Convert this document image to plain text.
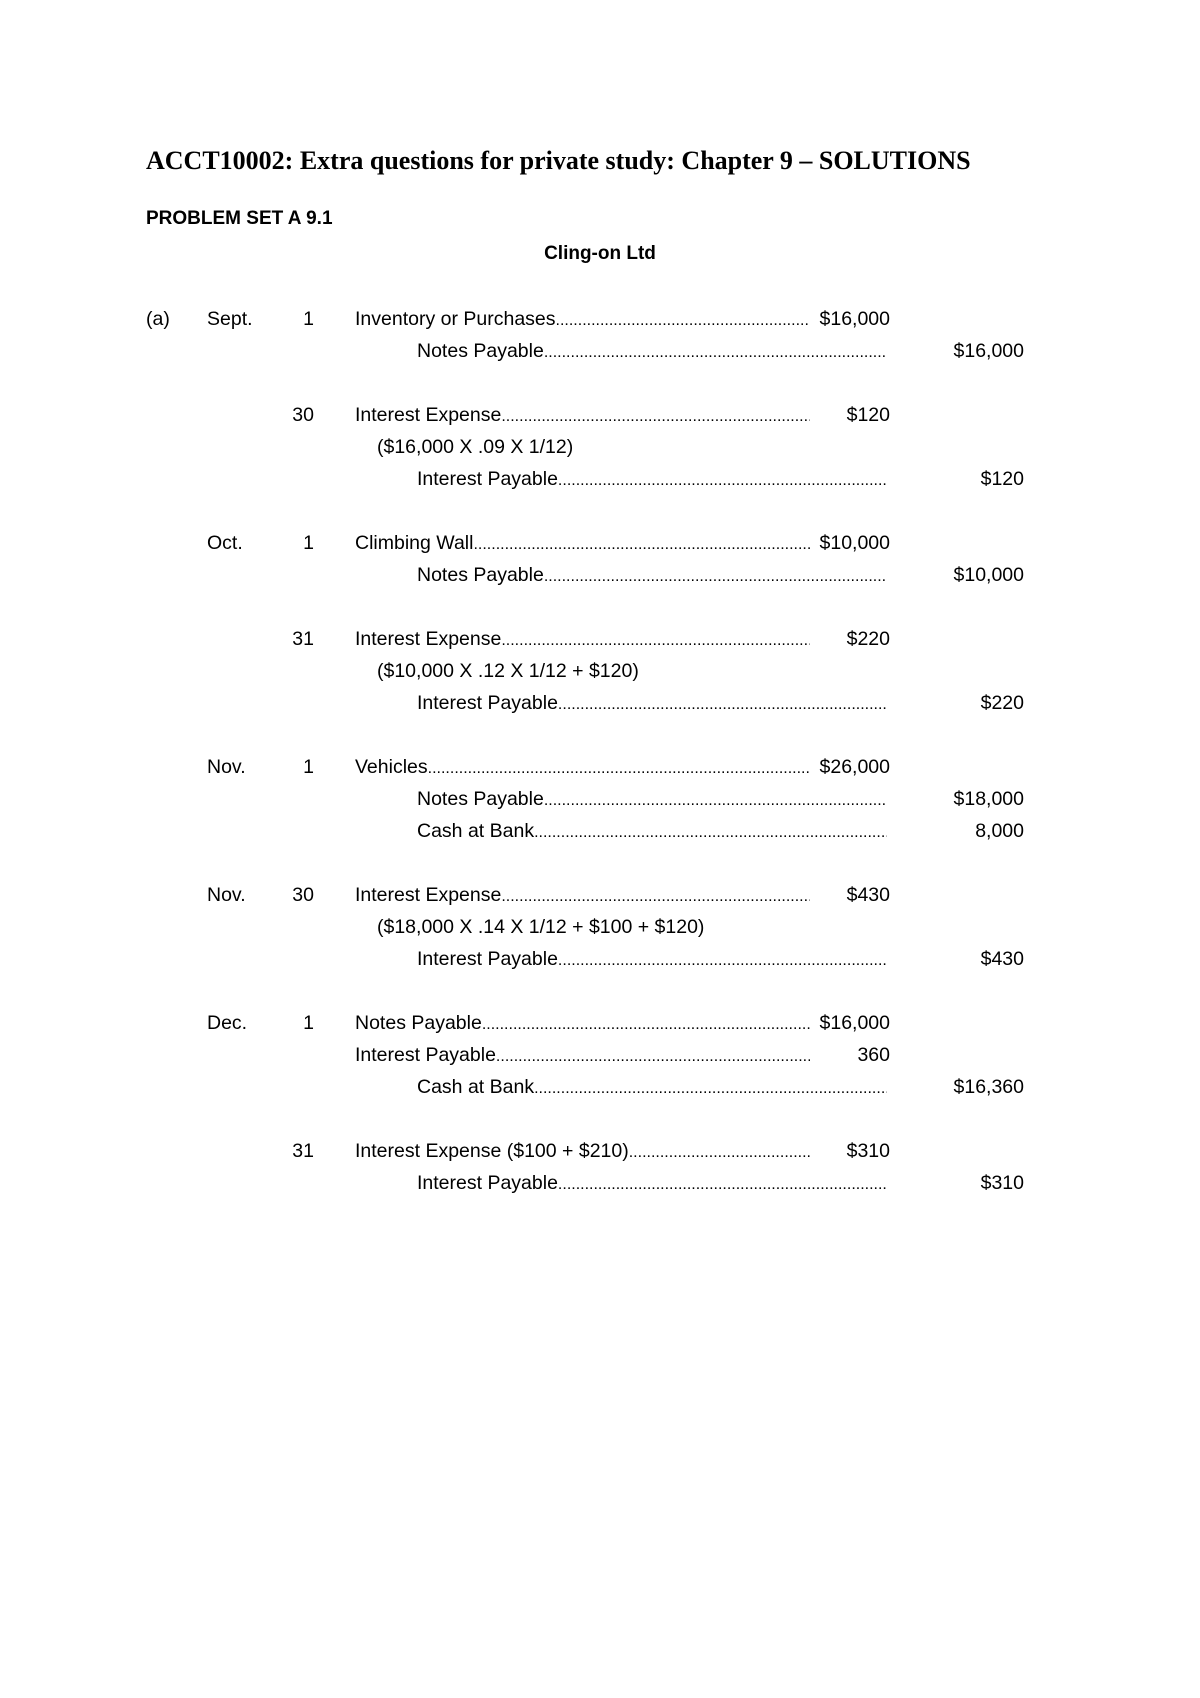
ACCT10002: Extra questions for private study: Chapter 9 – SOLUTIONS
PROBLEM SET A 9.1
Cling-on Ltd
(a) Sept.	1 Inventory or Purchases .....	$16,000
Notes Payable .....	$16,000
30 Interest Expense .....	$120
($16,000 X .09 X 1/12)
Interest Payable .....	$120
Oct.	1 Climbing Wall .....	$10,000
Notes Payable .....	$10,000
31 Interest Expense .....	$220
($10,000 X .12 X 1/12 + $120)
Interest Payable .....	$220
Nov.	1 Vehicles .....	$26,000
Notes Payable .....	$18,000
Cash at Bank .....	8,000
Nov. 30 Interest Expense .....	$430
($18,000 X .14 X 1/12 + $100 + $120)
Interest Payable .....	$430
Dec.	1 Notes Payable .....	$16,000
Interest Payable .....	360
Cash at Bank .....	$16,360
31 Interest Expense ($100 + $210) .....	$310
Interest Payable .....	$310
